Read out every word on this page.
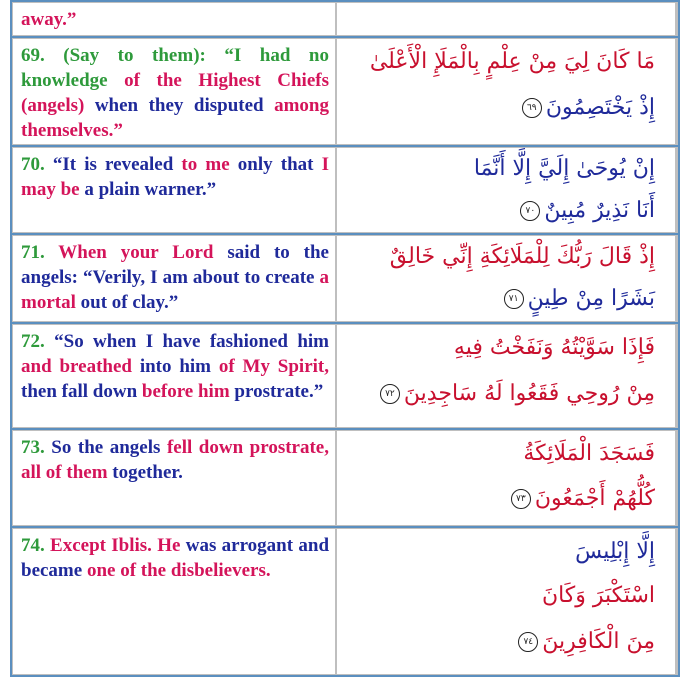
away.”
69. (Say to them): “I had no knowledge of the Highest Chiefs (angels) when they disputed among themselves.”
مَا كَانَ لِيَ مِنْ عِلْمٍ بِالْمَلَإِ الْأَعْلَىٰ
إِذْ يَخْتَصِمُونَ٦٩
70. “It is revealed to me only that I may be a plain warner.”
إِنْ يُوحَىٰ إِلَيَّ إِلَّا أَنَّمَا
أَنَا نَذِيرٌ مُبِينٌ٧٠
71. When your Lord said to the angels: “Verily, I am about to create a mortal out of clay.”
إِذْ قَالَ رَبُّكَ لِلْمَلَائِكَةِ إِنِّي خَالِقٌ
بَشَرًا مِنْ طِينٍ٧١
72. “So when I have fashioned him and breathed into him of My Spirit, then fall down before him prostrate.”
فَإِذَا سَوَّيْتُهُ وَنَفَخْتُ فِيهِ
مِنْ رُوحِي فَقَعُوا لَهُ سَاجِدِينَ٧٢
73. So the angels fell down prostrate, all of them together.
فَسَجَدَ الْمَلَائِكَةُ
كُلُّهُمْ أَجْمَعُونَ٧٣
74. Except Iblis. He was arrogant and became one of the disbelievers.
إِلَّا إِبْلِيسَ
اسْتَكْبَرَ وَكَانَ
مِنَ الْكَافِرِينَ٧٤
